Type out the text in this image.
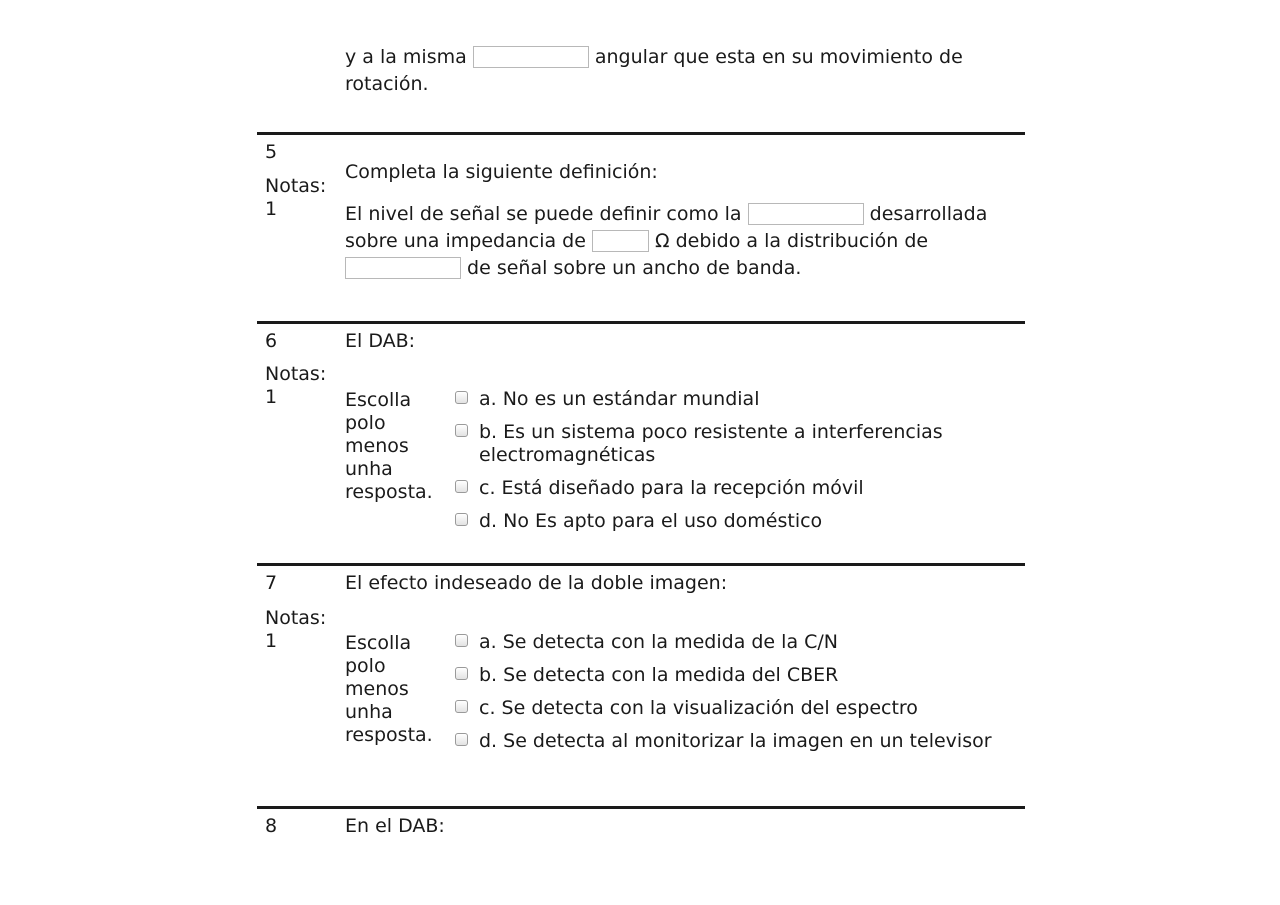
y a la misma	angular que esta en su movimiento de rotación.
5
Notas:
1
Completa la siguiente definición:
El nivel de señal se puede definir como la	desarrollada sobre una impedancia de	Ω debido a la distribución de  de señal sobre un ancho de banda.
6
Notas:
1
El DAB:
Escolla polo menos unha resposta.
a. No es un estándar mundial
b. Es un sistema poco resistente a interferencias electromagnéticas
c. Está diseñado para la recepción móvil
d. No Es apto para el uso doméstico
7
Notas:
1
El efecto indeseado de la doble imagen:
Escolla polo menos unha resposta.
a. Se detecta con la medida de la C/N
b. Se detecta con la medida del CBER
c. Se detecta con la visualización del espectro
d. Se detecta al monitorizar la imagen en un televisor
8	En el DAB:
